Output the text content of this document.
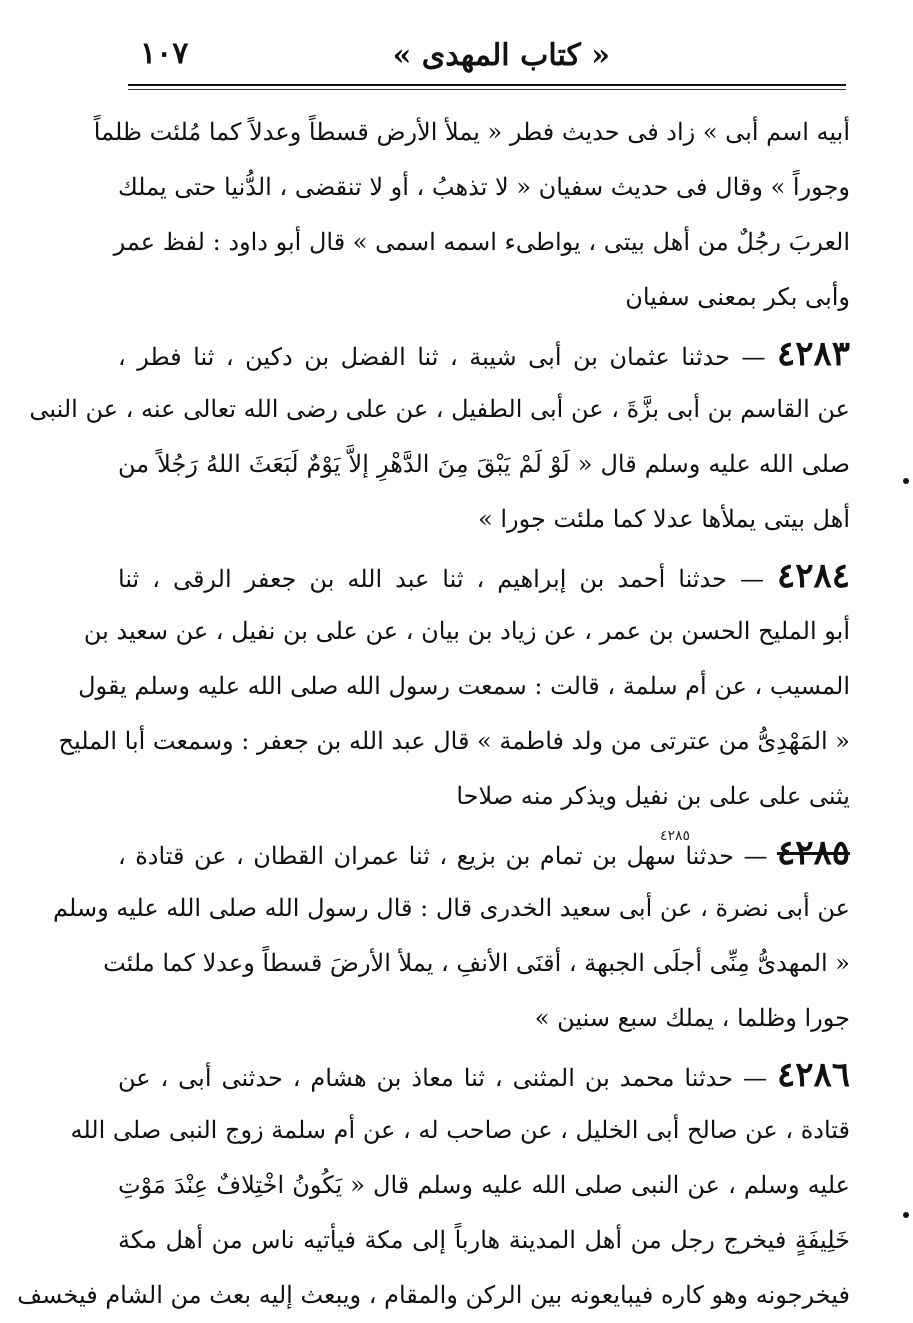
« كتاب المهدى »
١٠٧
٤٢٨٥
أبيه اسم أبى » زاد فى حديث فطر « يملأ الأرض قسطاً وعدلاً كما مُلئت ظلماً
وجوراً » وقال فى حديث سفيان « لا تذهبُ ، أو لا تنقضى ، الدُّنيا حتى يملك
العربَ رجُلٌ من أهل بيتى ، يواطىء اسمه اسمى » قال أبو داود : لفظ عمر
وأبى بكر بمعنى سفيان
٤٢٨٣ — حدثنا عثمان بن أبى شيبة ، ثنا الفضل بن دكين ، ثنا فطر ،
عن القاسم بن أبى بزَّةَ ، عن أبى الطفيل ، عن على رضى الله تعالى عنه ، عن النبى
صلى الله عليه وسلم قال « لَوْ لَمْ يَبْقَ مِنَ الدَّهْرِ إلاَّ يَوْمٌ لَبَعَثَ اللهُ رَجُلاً من
أهل بيتى يملأها عدلا كما ملئت جورا »
٤٢٨٤ — حدثنا أحمد بن إبراهيم ، ثنا عبد الله بن جعفر الرقى ، ثنا
أبو المليح الحسن بن عمر ، عن زياد بن بيان ، عن على بن نفيل ، عن سعيد بن
المسيب ، عن أم سلمة ، قالت : سمعت رسول الله صلى الله عليه وسلم يقول
« المَهْدِىُّ من عترتى من ولد فاطمة » قال عبد الله بن جعفر : وسمعت أبا المليح
يثنى على على بن نفيل ويذكر منه صلاحا
٤٢٨٥ — حدثنا سهل بن تمام بن بزيع ، ثنا عمران القطان ، عن قتادة ،
عن أبى نضرة ، عن أبى سعيد الخدرى قال : قال رسول الله صلى الله عليه وسلم
« المهدىُّ مِنِّى أجلَى الجبهة ، أقنَى الأنفِ ، يملأ الأرضَ قسطاً وعدلا كما ملئت
جورا وظلما ، يملك سبع سنين »
٤٢٨٦ — حدثنا محمد بن المثنى ، ثنا معاذ بن هشام ، حدثنى أبى ، عن
قتادة ، عن صالح أبى الخليل ، عن صاحب له ، عن أم سلمة زوج النبى صلى الله
عليه وسلم ، عن النبى صلى الله عليه وسلم قال « يَكُونُ اخْتِلافٌ عِنْدَ مَوْتِ
خَلِيفَةٍ فيخرج رجل من أهل المدينة هارباً إلى مكة فيأتيه ناس من أهل مكة
فيخرجونه وهو كاره فيبايعونه بين الركن والمقام ، ويبعث إليه بعث من الشام فيخسف
